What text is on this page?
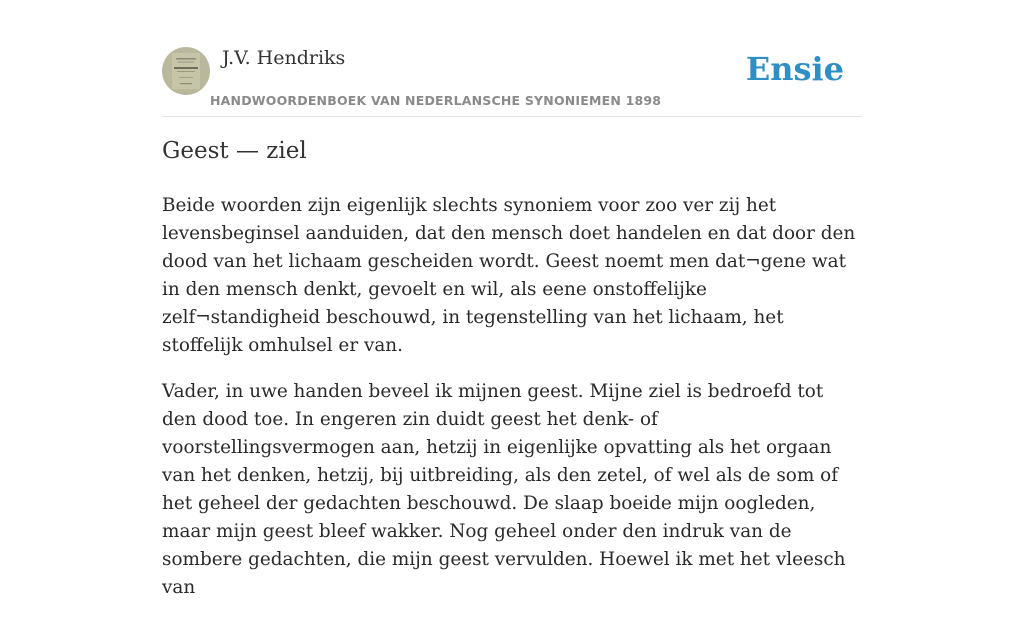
J.V. Hendriks
HANDWOORDENBOEK VAN NEDERLANSCHE SYNONIEMEN 1898
Ensie
Geest — ziel

Beide woorden zijn eigenlijk slechts synoniem voor zoo ver zij het levensbeginsel aanduiden, dat den mensch doet handelen en dat door den dood van het lichaam gescheiden wordt. Geest noemt men dat¬gene wat in den mensch denkt, gevoelt en wil, als eene onstoffelijke zelf¬standigheid beschouwd, in tegenstelling van het lichaam, het stoffelijk omhulsel er van.

Vader, in uwe handen beveel ik mijnen geest. Mijne ziel is bedroefd tot den dood toe. In engeren zin duidt geest het denk- of voorstellingsvermogen aan, hetzij in eigenlijke opvatting als het orgaan van het denken, hetzij, bij uitbreiding, als den zetel, of wel als de som of het geheel der gedachten beschouwd. De slaap boeide mijn oogleden, maar mijn geest bleef wakker. Nog geheel onder den indruk van de sombere gedachten, die mijn geest vervulden. Hoewel ik met het vleesch van
